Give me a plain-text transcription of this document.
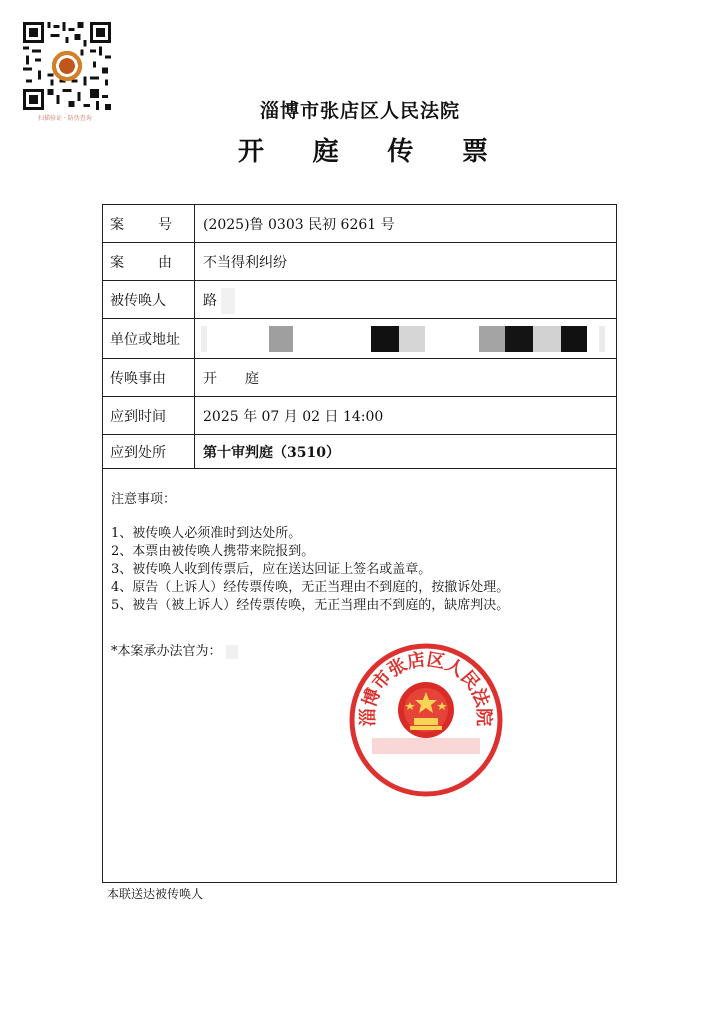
扫描验证 · 防伪查询	淄博市张店区人民法院
开 庭 传 票
案　　号	(2025)鲁 0303 民初 6261 号
案　　由	不当得利纠纷
被传唤人	路
单位或地址
传唤事由	开 庭
应到时间	2025 年 07 月 02 日 14:00
应到处所	第十审判庭（3510）
注意事项：
1、被传唤人必须准时到达处所。
2、本票由被传唤人携带来院报到。
3、被传唤人收到传票后，应在送达回证上签名或盖章。
4、原告（上诉人）经传票传唤，无正当理由不到庭的，按撤诉处理。
5、被告（被上诉人）经传票传唤，无正当理由不到庭的，缺席判决。
*本案承办法官为：
淄博市张店区人民法院
本联送达被传唤人
